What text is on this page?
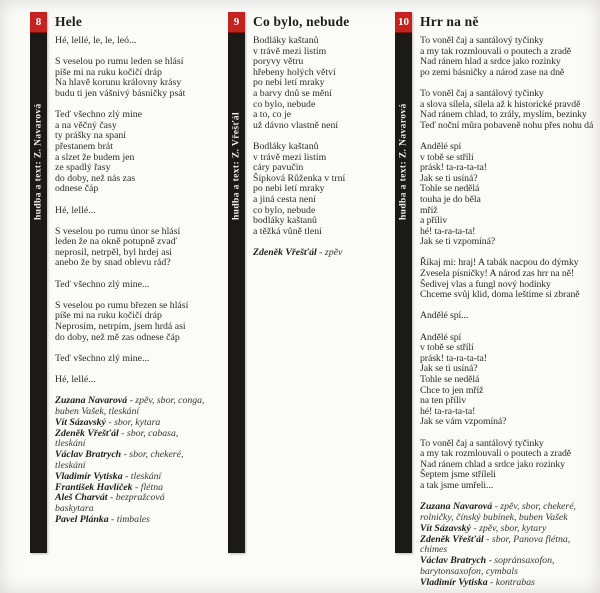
8
hudba a text: Z. Navarová
Hele

Hé, lellé, le, le, leó...

S veselou po rumu leden se hlásí
píše mi na ruku kočičí dráp
Na hlavě korunu královny krásy
budu ti jen vášnivý básničky psát

Teď všechno zlý mine
a na věčný časy
ty prášky na spaní
přestanem brát
a slzet že budem jen
ze spadlý řasy
do doby, než nás zas
odnese čáp

Hé, lellé...

S veselou po rumu únor se hlásí
leden že na okně potupně zvaď
neprosil, netrpěl, byl hrdej asi
anebo že by snad oblevu rád?

Teď všechno zlý mine...

S veselou po rumu březen se hlásí
píše mi na ruku kočičí dráp
Neprosím, netrpím, jsem hrdá asi
do doby, než mě zas odnese čáp

Teď všechno zlý mine...

Hé, lellé...

Zuzana Navarová - zpěv, sbor, conga, buben Vašek, tleskání

Vít Sázavský - sbor, kytara

Zdeněk Vřešťál - sbor, cabasa, tleskání

Václav Bratrych - sbor, chekeré, tleskání

Vladimír Vytiska - tleskání

František Havlíček - flétna

Aleš Charvát - bezpražcová baskytara

Pavel Plánka - timbales

9
hudba a text: Z. Vřešťál
Co bylo, nebude

Bodláky kaštanů
v trávě mezi listím
poryvy větru
hřebeny holých větví
po nebi letí mraky
a barvy dnů se mění
co bylo, nebude
a to, co je
už dávno vlastně není

Bodláky kaštanů
v trávě mezi listím
cáry pavučin
Šípková Růženka v trní
po nebi letí mraky
a jiná cesta není
co bylo, nebude
bodláky kaštanů
a těžká vůně tlení

Zdeněk Vřešťál - zpěv

10
hudba a text: Z. Navarová
Hrr na ně

To voněl čaj a santálový tyčinky
a my tak rozmlouvali o poutech a zradě
Nad ránem hlad a srdce jako rozinky
po zemi básničky a národ zase na dně

To voněl čaj a santálový tyčinky
a slova sílela, sílela až k historické pravdě
Nad ránem chlad, to zrály, myslím, bezinky
Teď noční můra pobaveně nohu přes nohu dá

Andělé spí
v tobě se střílí
prásk! ta-ra-ta-ta!
Jak se ti usíná?
Tohle se nedělá
touha je do běla
mříž
a příliv
hé! ta-ra-ta-ta!
Jak se ti vzpomíná?

Říkaj mi: hraj! A tabák nacpou do dýmky
Zvesela písničky! A národ zas hrr na ně!
Šedivej vlas a fungl nový hodinky
Chceme svůj klid, doma leštíme si zbraně

Andělé spí...

Andělé spí
v tobě se střílí
prásk! ta-ra-ta-ta!
Jak se ti usíná?
Tohle se nedělá
Chce to jen mříž
na ten příliv
hé! ta-ra-ta-ta!
Jak se vám vzpomíná?

To voněl čaj a santálový tyčinky
a my tak rozmlouvali o poutech a zradě
Nad ránem chlad a srdce jako rozinky
Šeptem jsme stříleli
a tak jsme umřeli...

Zuzana Navarová - zpěv, sbor, chekeré, rolničky, čínský bubínek, buben Vašek

Vít Sázavský - zpěv, sbor, kytary

Zdeněk Vřešťál - sbor, Panova flétna, chimes

Václav Bratrych - sopránsaxofon, barytonsaxofon, cymbals

Vladimír Vytiska - kontrabas
